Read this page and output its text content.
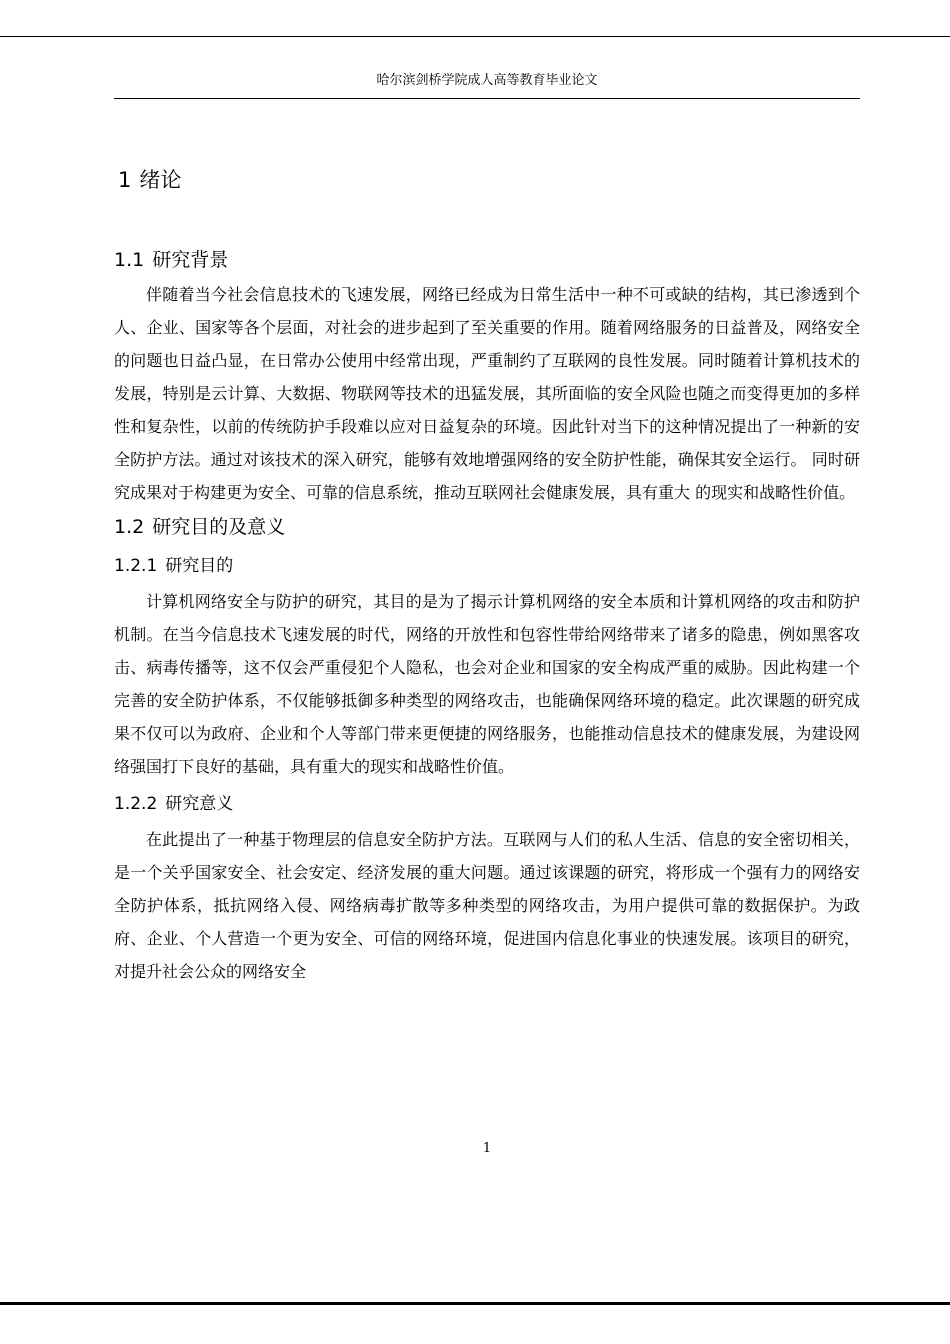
哈尔滨剑桥学院成人高等教育毕业论文
1 绪论
1.1 研究背景

伴随着当今社会信息技术的飞速发展，网络已经成为日常生活中一种不可或缺的结构，其已渗透到个人、企业、国家等各个层面，对社会的进步起到了至关重要的作用。随着网络服务的日益普及，网络安全的问题也日益凸显，在日常办公使用中经常出现，严重制约了互联网的良性发展。同时随着计算机技术的发展，特别是云计算、大数据、物联网等技术的迅猛发展，其所面临的安全风险也随之而变得更加的多样性和复杂性，以前的传统防护手段难以应对日益复杂的环境。因此针对当下的这种情况提出了一种新的安全防护方法。通过对该技术的深入研究，能够有效地增强网络的安全防护性能，确保其安全运行。 同时研究成果对于构建更为安全、可靠的信息系统，推动互联网社会健康发展，具有重大 的现实和战略性价值。

1.2 研究目的及意义
1.2.1 研究目的

计算机网络安全与防护的研究，其目的是为了揭示计算机网络的安全本质和计算机网络的攻击和防护机制。在当今信息技术飞速发展的时代，网络的开放性和包容性带给网络带来了诸多的隐患，例如黑客攻击、病毒传播等，这不仅会严重侵犯个人隐私，也会对企业和国家的安全构成严重的威胁。因此构建一个完善的安全防护体系，不仅能够抵御多种类型的网络攻击，也能确保网络环境的稳定。此次课题的研究成果不仅可以为政府、企业和个人等部门带来更便捷的网络服务，也能推动信息技术的健康发展，为建设网络强国打下良好的基础，具有重大的现实和战略性价值。

1.2.2 研究意义

在此提出了一种基于物理层的信息安全防护方法。互联网与人们的私人生活、信息的安全密切相关，是一个关乎国家安全、社会安定、经济发展的重大问题。通过该课题的研究，将形成一个强有力的网络安全防护体系，抵抗网络入侵、网络病毒扩散等多种类型的网络攻击，为用户提供可靠的数据保护。为政府、企业、个人营造一个更为安全、可信的网络环境，促进国内信息化事业的快速发展。该项目的研究，对提升社会公众的网络安全

1
